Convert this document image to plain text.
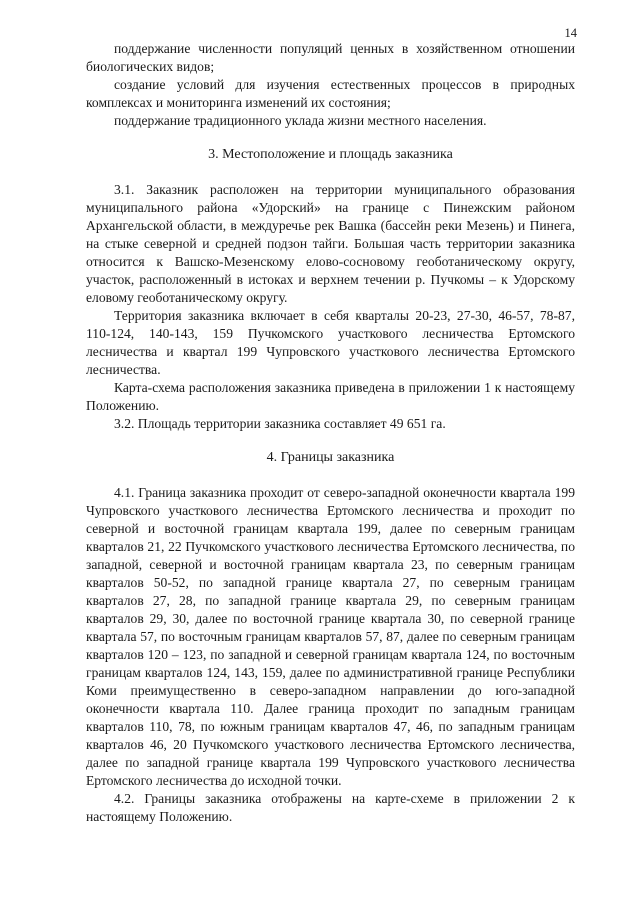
14

поддержание численности популяций ценных в хозяйственном отношении биологических видов;

создание условий для изучения естественных процессов в природных комплексах и мониторинга изменений их состояния;

поддержание традиционного уклада жизни местного населения.

3. Местоположение и площадь заказника

3.1. Заказник расположен на территории муниципального образования муниципального района «Удорский» на границе с Пинежским районом Архангельской области, в междуречье рек Вашка (бассейн реки Мезень) и Пинега, на стыке северной и средней подзон тайги. Большая часть территории заказника относится к Вашско-Мезенскому елово-сосновому геоботаническому округу, участок, расположенный в истоках и верхнем течении р. Пучкомы – к Удорскому еловому геоботаническому округу.

Территория заказника включает в себя кварталы 20-23, 27-30, 46-57, 78-87, 110-124, 140-143, 159 Пучкомского участкового лесничества Ертомского лесничества и квартал 199 Чупровского участкового лесничества Ертомского лесничества.

Карта-схема расположения заказника приведена в приложении 1 к настоящему Положению.

3.2. Площадь территории заказника составляет 49 651 га.

4. Границы заказника

4.1. Граница заказника проходит от северо-западной оконечности квартала 199 Чупровского участкового лесничества Ертомского лесничества и проходит по северной и восточной границам квартала 199, далее по северным границам кварталов 21, 22 Пучкомского участкового лесничества Ертомского лесничества, по западной, северной и восточной границам квартала 23, по северным границам кварталов 50-52, по западной границе квартала 27, по северным границам кварталов 27, 28, по западной границе квартала 29, по северным границам кварталов 29, 30, далее по восточной границе квартала 30, по северной границе квартала 57, по восточным границам кварталов 57, 87, далее по северным границам кварталов 120 – 123, по западной и северной границам квартала 124, по восточным границам кварталов 124, 143, 159, далее по административной границе Республики Коми преимущественно в северо-западном направлении до юго-западной оконечности квартала 110. Далее граница проходит по западным границам кварталов 110, 78, по южным границам кварталов 47, 46, по западным границам кварталов 46, 20 Пучкомского участкового лесничества Ертомского лесничества, далее по западной границе квартала 199 Чупровского участкового лесничества Ертомского лесничества до исходной точки.

4.2. Границы заказника отображены на карте-схеме в приложении 2 к настоящему Положению.
